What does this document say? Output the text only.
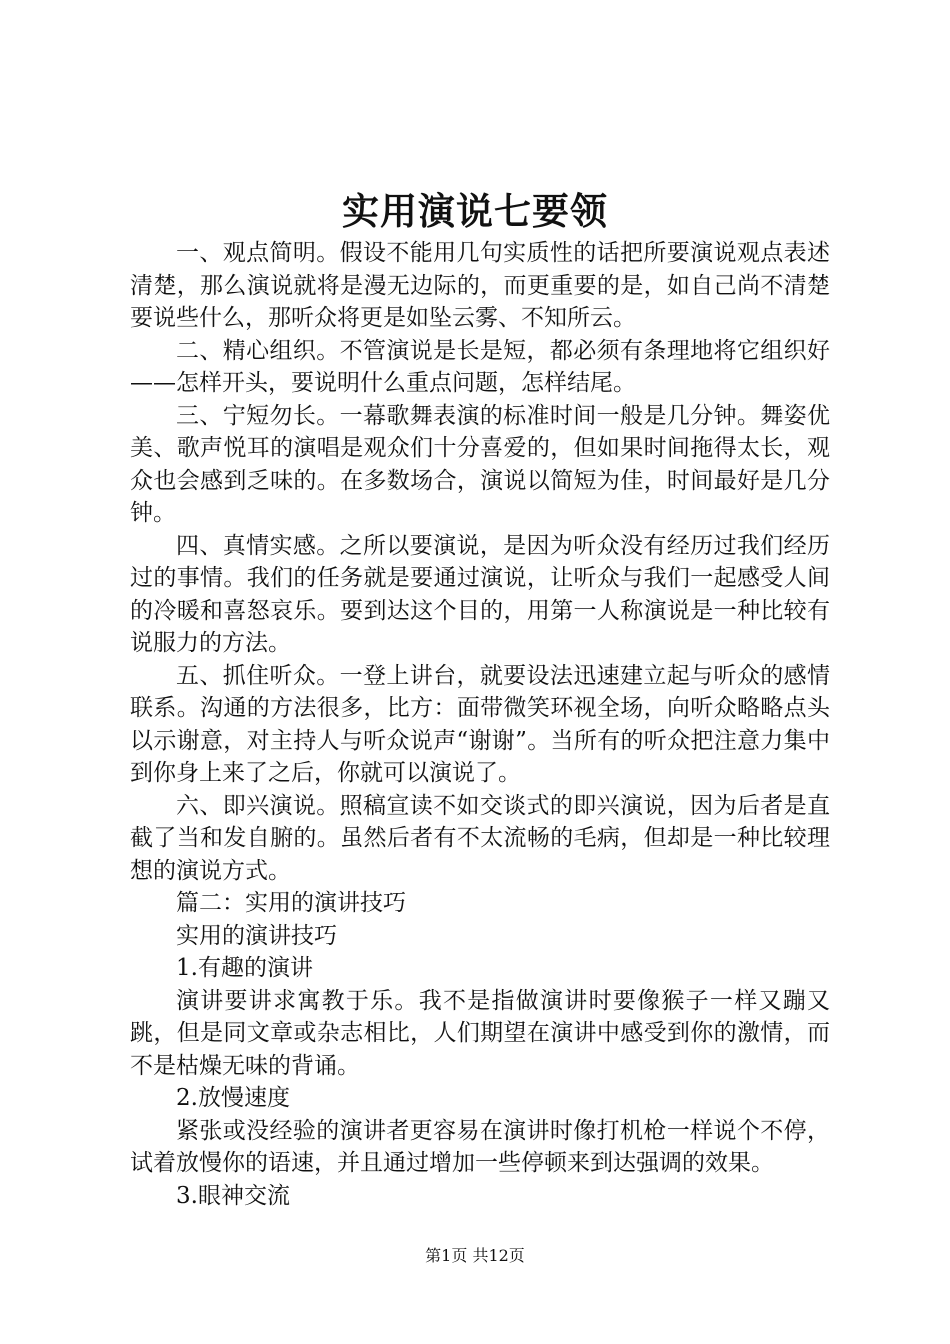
实用演说七要领

一、观点简明。假设不能用几句实质性的话把所要演说观点表述清楚，那么演说就将是漫无边际的，而更重要的是，如自己尚不清楚要说些什么，那听众将更是如坠云雾、不知所云。

二、精心组织。不管演说是长是短，都必须有条理地将它组织好——怎样开头，要说明什么重点问题，怎样结尾。

三、宁短勿长。一幕歌舞表演的标准时间一般是几分钟。舞姿优美、歌声悦耳的演唱是观众们十分喜爱的，但如果时间拖得太长，观众也会感到乏味的。在多数场合，演说以简短为佳，时间最好是几分钟。

四、真情实感。之所以要演说，是因为听众没有经历过我们经历过的事情。我们的任务就是要通过演说，让听众与我们一起感受人间的冷暖和喜怒哀乐。要到达这个目的，用第一人称演说是一种比较有说服力的方法。

五、抓住听众。一登上讲台，就要设法迅速建立起与听众的感情联系。沟通的方法很多，比方：面带微笑环视全场，向听众略略点头以示谢意，对主持人与听众说声“谢谢”。当所有的听众把注意力集中到你身上来了之后，你就可以演说了。

六、即兴演说。照稿宣读不如交谈式的即兴演说，因为后者是直截了当和发自腑的。虽然后者有不太流畅的毛病，但却是一种比较理想的演说方式。

篇二：实用的演讲技巧

实用的演讲技巧

1.有趣的演讲

演讲要讲求寓教于乐。我不是指做演讲时要像猴子一样又蹦又跳，但是同文章或杂志相比，人们期望在演讲中感受到你的激情，而不是枯燥无味的背诵。

2.放慢速度

紧张或没经验的演讲者更容易在演讲时像打机枪一样说个不停，试着放慢你的语速，并且通过增加一些停顿来到达强调的效果。

3.眼神交流

第1页 共12页
